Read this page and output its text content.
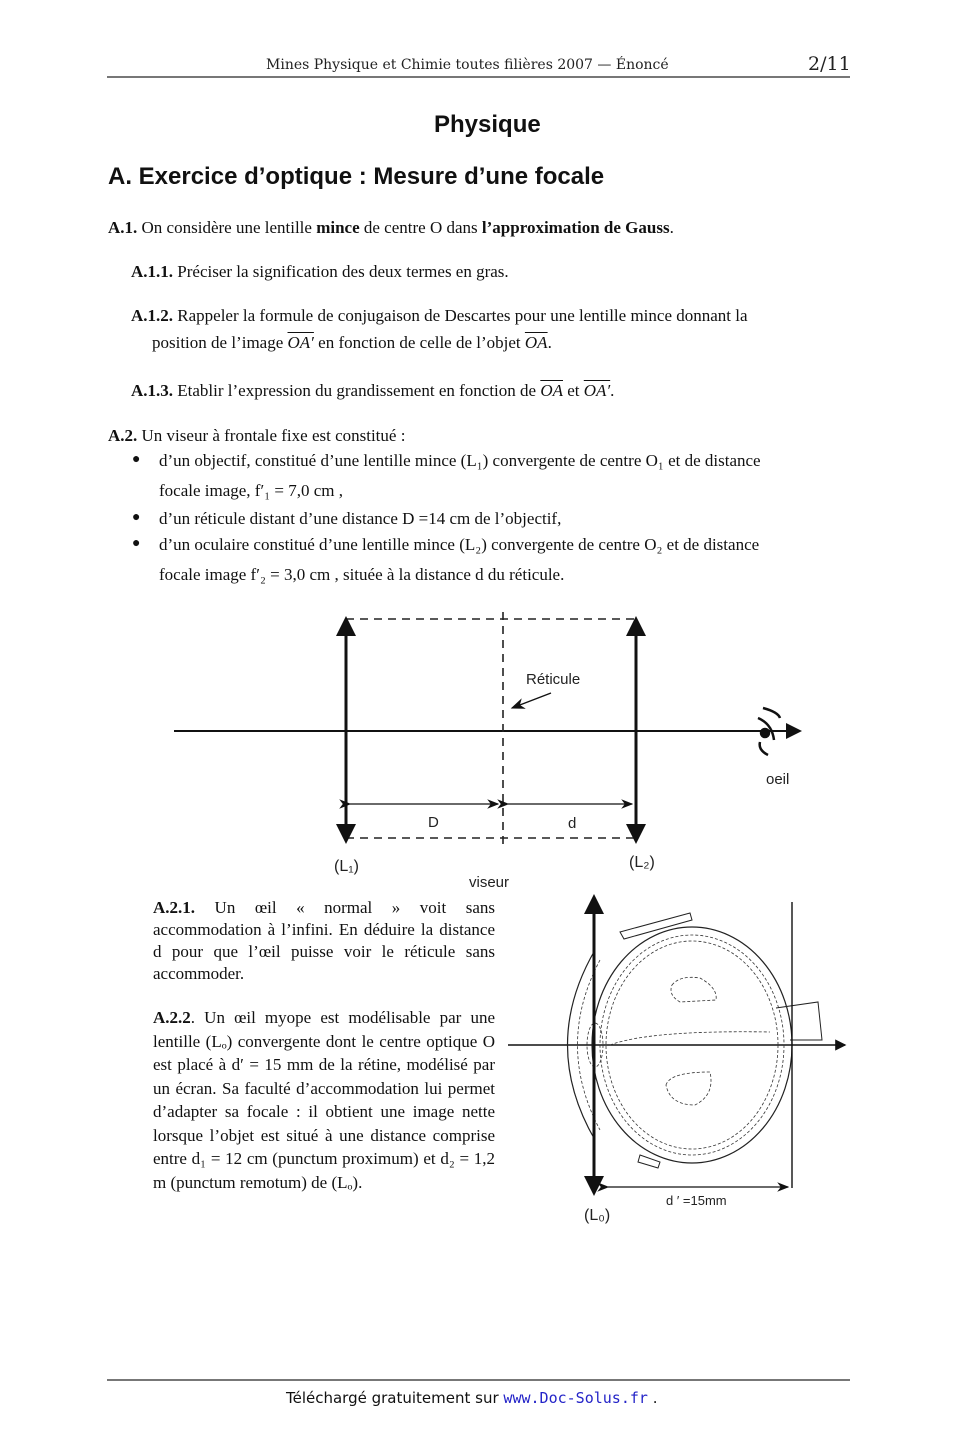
Mines Physique et Chimie toutes filières 2007 — Énoncé	2/11
Physique
A. Exercice d’optique : Mesure d’une focale
A.1. On considère une lentille mince de centre O dans l’approximation de Gauss.
A.1.1. Préciser la signification des deux termes en gras.
A.1.2. Rappeler la formule de conjugaison de Descartes pour une lentille mince donnant la
position de l’image OA′ en fonction de celle de l’objet $\overline{OA}$.
A.1.3. Etablir l’expression du grandissement en fonction de $\overline{OA}$ et OA′.
A.2. Un viseur à frontale fixe est constitué :
● d’un objectif, constitué d’une lentille mince (L₁) convergente de centre O₁ et de distance
focale image, f′₁ = 7,0 cm ,
● d’un réticule distant d’une distance D =14 cm de l’objectif,
● d’un oculaire constitué d’une lentille mince (L₂) convergente de centre O₂ et de distance
focale image f′₂ = 3,0 cm , située à la distance d du réticule.
Réticule
oeil
D	d
(L₁)	(L₂)
viseur
A.2.1. Un œil « normal » voit sans accommodation à l’infini. En déduire la distance d pour que l’œil puisse voir le réticule sans accommoder.
A.2.2. Un œil myope est modélisable par une lentille (Lₒ) convergente dont le centre optique O est placé à d′ = 15 mm de la rétine, modélisé par un écran. Sa faculté d’accommodation lui permet d’adapter sa focale : il obtient une image nette lorsque l’objet est situé à une distance comprise entre d₁ = 12 cm (punctum proximum) et d₂ = 1,2 m (punctum remotum) de (Lₒ).
d ′ =15mm
(L₀)
Téléchargé gratuitement sur www.Doc-Solus.fr .
